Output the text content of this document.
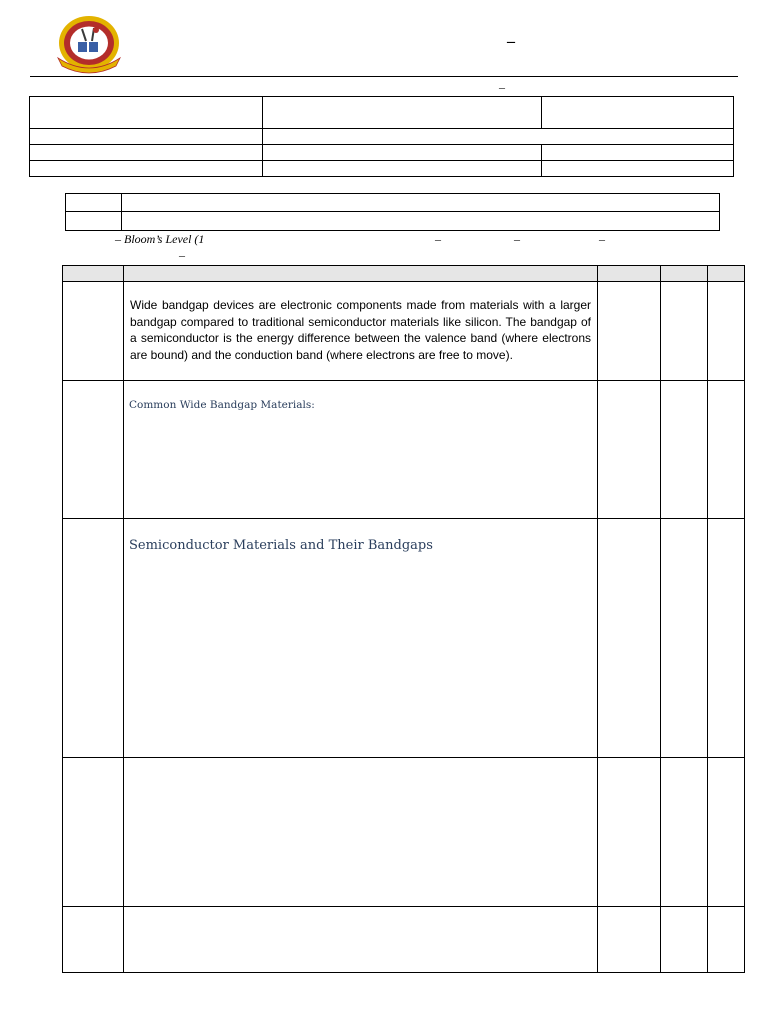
–
–

– Bloom’s Level (1	–	–	–
–

	Wide bandgap devices are electronic components made from materials with a larger bandgap compared to traditional semiconductor materials like silicon. The bandgap of a semiconductor is the energy difference between the valence band (where electrons are bound) and the conduction band (where electrons are free to move).			

	Common Wide Bandgap Materials:			

	Semiconductor Materials and Their Bandgaps			
